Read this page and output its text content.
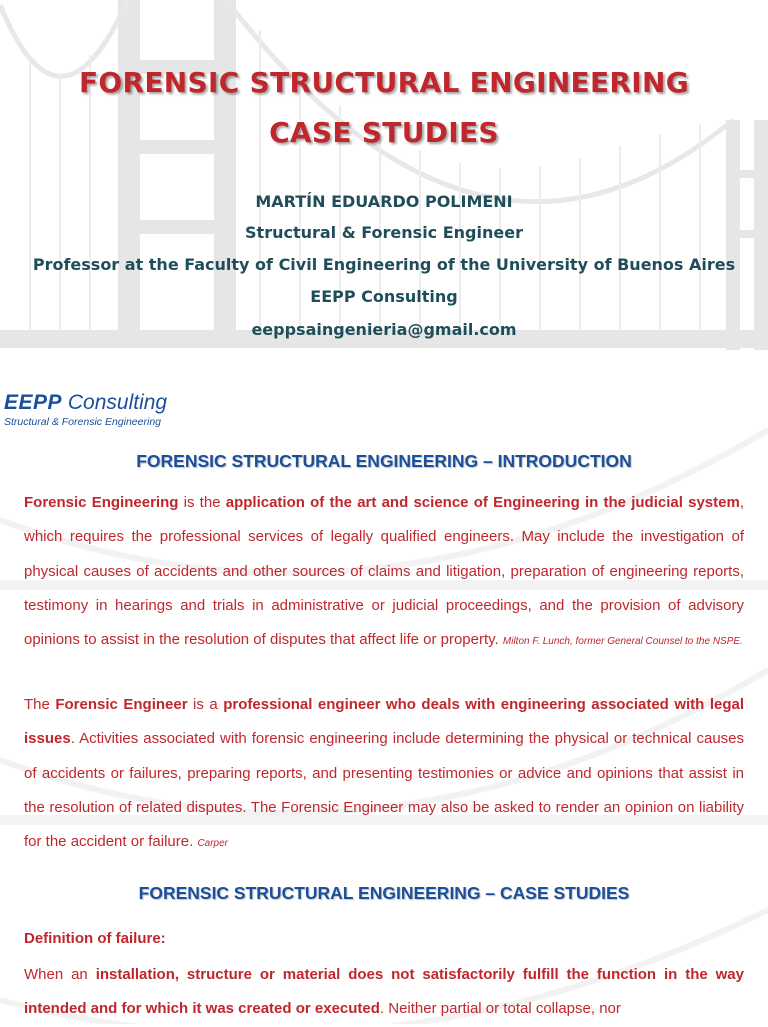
FORENSIC STRUCTURAL ENGINEERING
CASE STUDIES

MARTÍN EDUARDO POLIMENI

Structural & Forensic Engineer

Professor at the Faculty of Civil Engineering of the University of Buenos Aires

EEPP Consulting

eeppsaingenieria@gmail.com

EEPP Consulting
Structural & Forensic Engineering
FORENSIC STRUCTURAL ENGINEERING – INTRODUCTION

Forensic Engineering is the application of the art and science of Engineering in the judicial system, which requires the professional services of legally qualified engineers. May include the investigation of physical causes of accidents and other sources of claims and litigation, preparation of engineering reports, testimony in hearings and trials in administrative or judicial proceedings, and the provision of advisory opinions to assist in the resolution of disputes that affect life or property. Milton F. Lunch, former General Counsel to the NSPE.

The Forensic Engineer is a professional engineer who deals with engineering associated with legal issues. Activities associated with forensic engineering include determining the physical or technical causes of accidents or failures, preparing reports, and presenting testimonies or advice and opinions that assist in the resolution of related disputes. The Forensic Engineer may also be asked to render an opinion on liability for the accident or failure. Carper

FORENSIC STRUCTURAL ENGINEERING – CASE STUDIES

Definition of failure:

When an installation, structure or material does not satisfactorily fulfill the function in the way intended and for which it was created or executed. Neither partial or total collapse, nor
